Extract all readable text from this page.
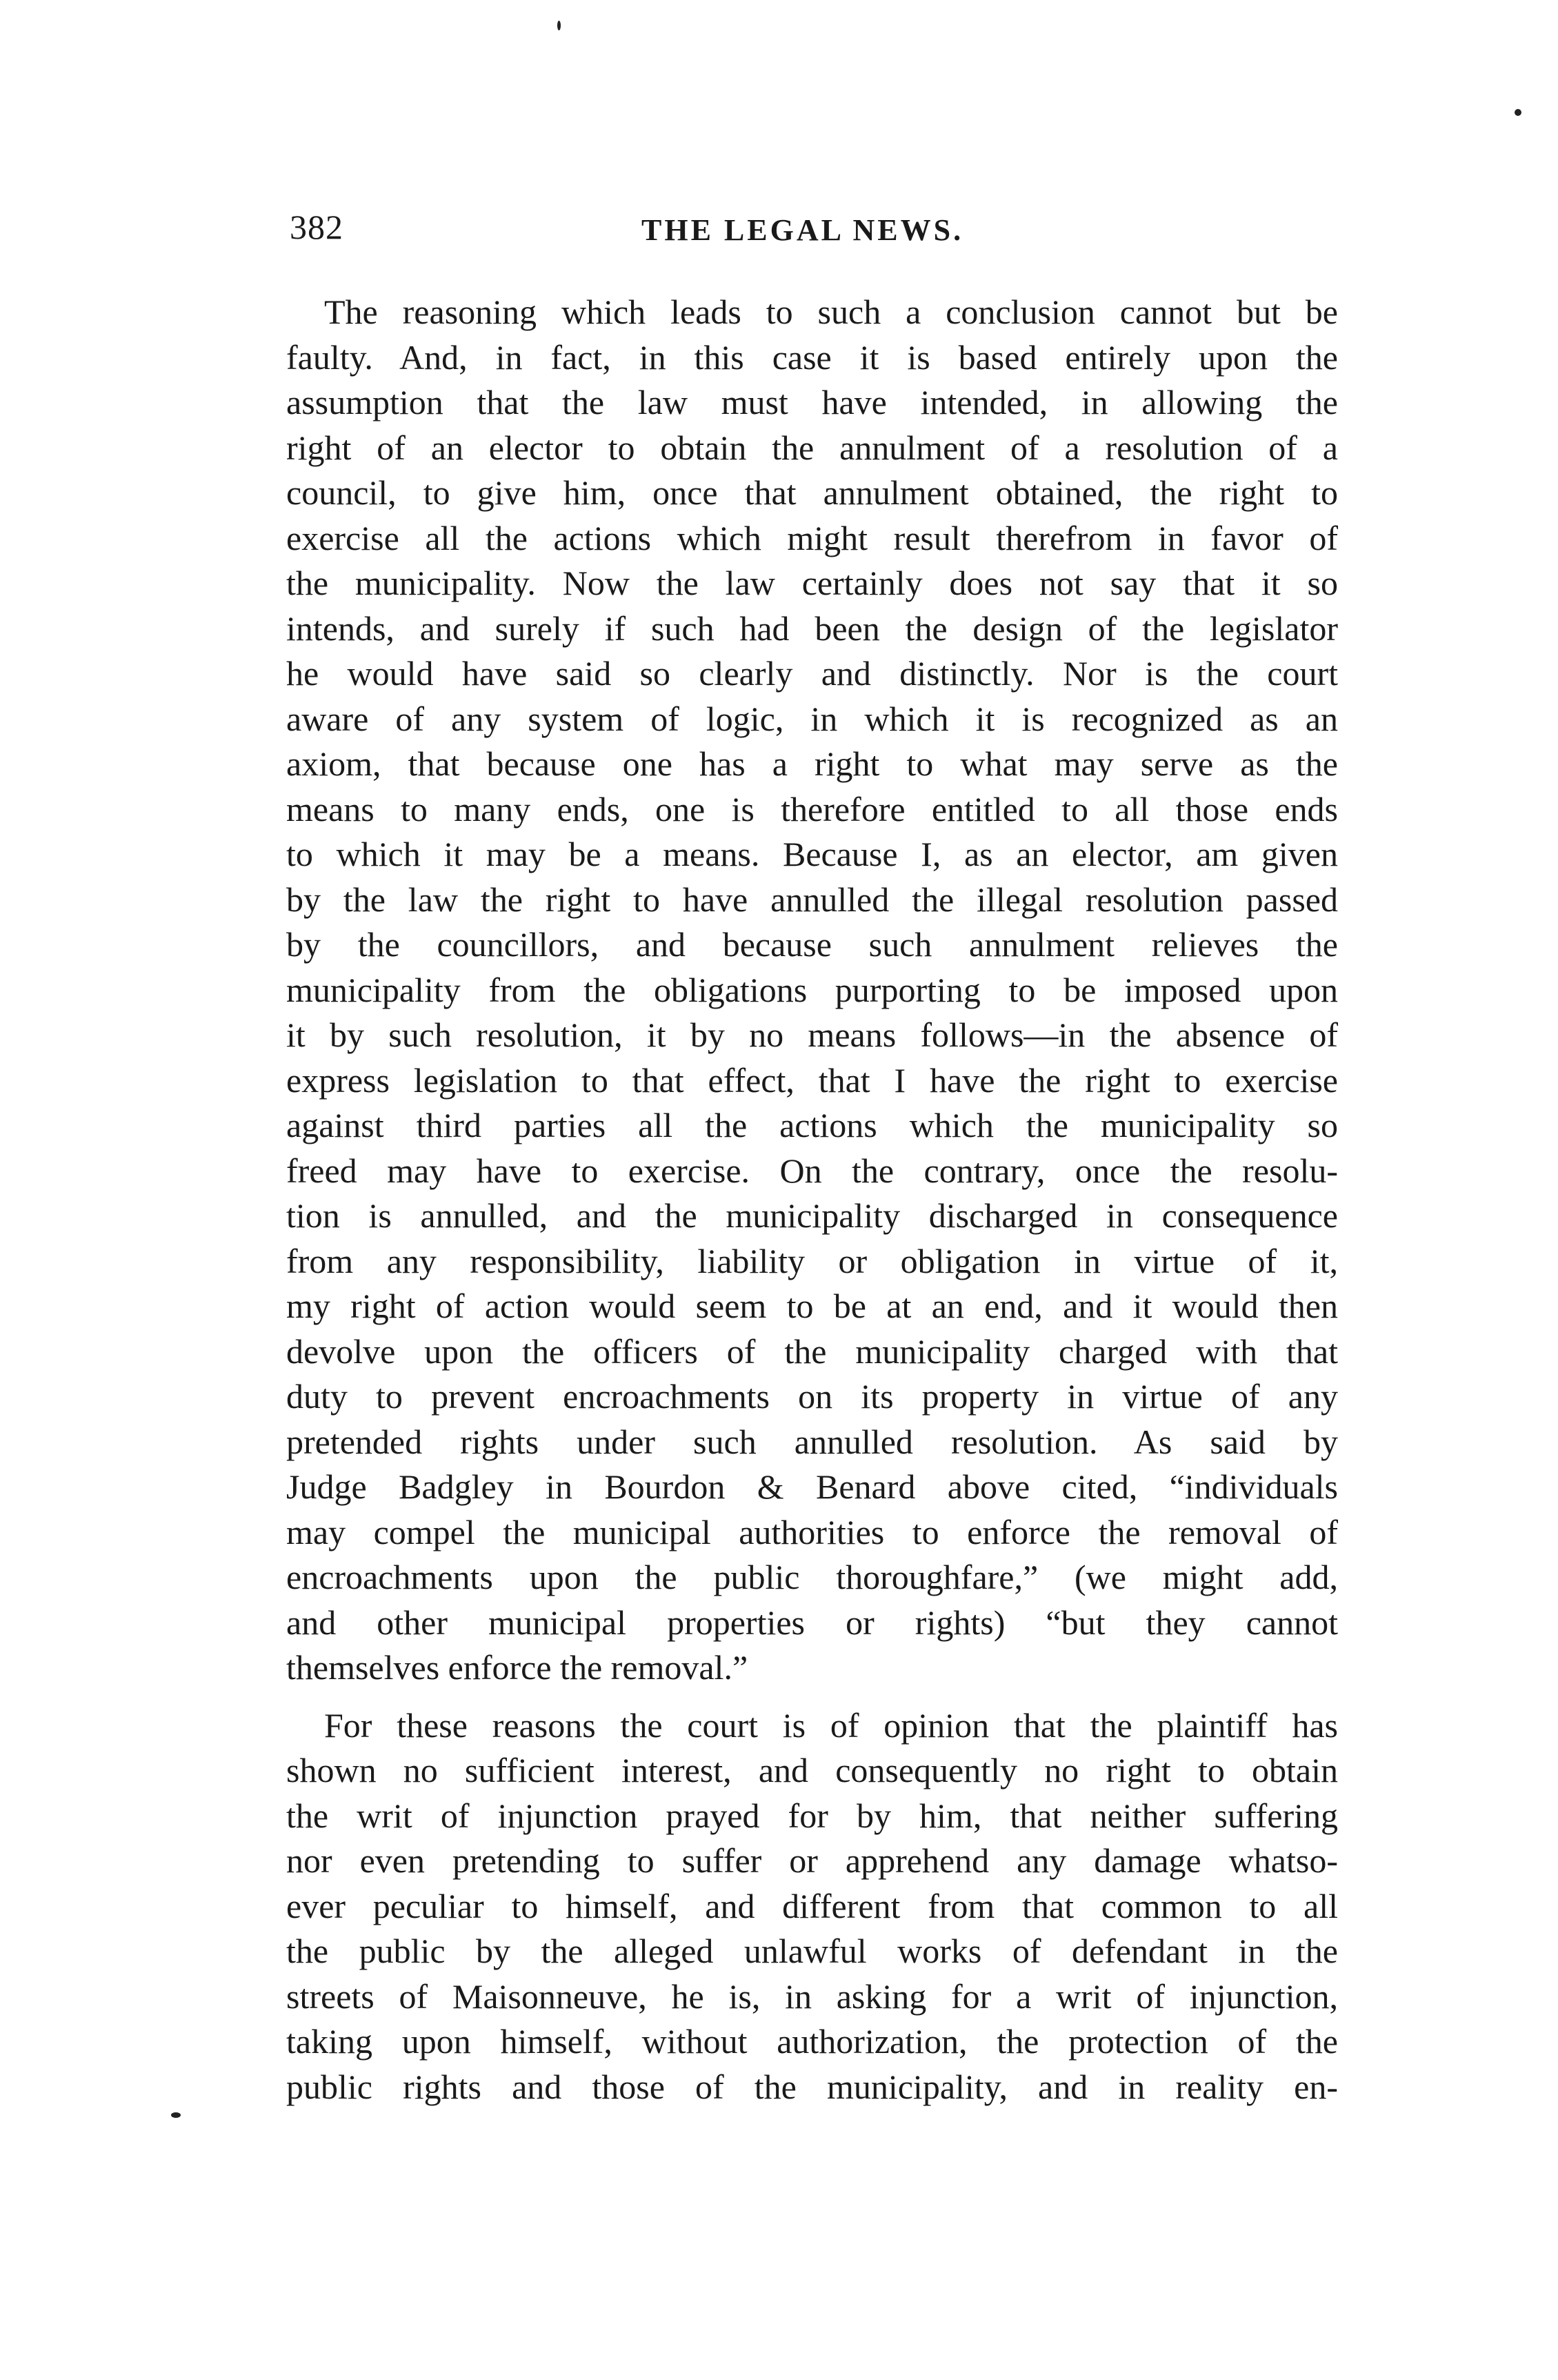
382	THE LEGAL NEWS.
The reasoning which leads to such a conclusion cannot but be
faulty. And, in fact, in this case it is based entirely upon the
assumption that the law must have intended, in allowing the
right of an elector to obtain the annulment of a resolution of a
council, to give him, once that annulment obtained, the right to
exercise all the actions which might result therefrom in favor of
the municipality. Now the law certainly does not say that it so
intends, and surely if such had been the design of the legislator
he would have said so clearly and distinctly. Nor is the court
aware of any system of logic, in which it is recognized as an
axiom, that because one has a right to what may serve as the
means to many ends, one is therefore entitled to all those ends
to which it may be a means. Because I, as an elector, am given
by the law the right to have annulled the illegal resolution passed
by the councillors, and because such annulment relieves the
municipality from the obligations purporting to be imposed upon
it by such resolution, it by no means follows—in the absence of
express legislation to that effect, that I have the right to exercise
against third parties all the actions which the municipality so
freed may have to exercise. On the contrary, once the resolu-
tion is annulled, and the municipality discharged in consequence
from any responsibility, liability or obligation in virtue of it,
my right of action would seem to be at an end, and it would then
devolve upon the officers of the municipality charged with that
duty to prevent encroachments on its property in virtue of any
pretended rights under such annulled resolution. As said by
Judge Badgley in Bourdon & Benard above cited, “individuals
may compel the municipal authorities to enforce the removal of
encroachments upon the public thoroughfare,” (we might add,
and other municipal properties or rights) “but they cannot
themselves enforce the removal.”
For these reasons the court is of opinion that the plaintiff has
shown no sufficient interest, and consequently no right to obtain
the writ of injunction prayed for by him, that neither suffering
nor even pretending to suffer or apprehend any damage whatso-
ever peculiar to himself, and different from that common to all
the public by the alleged unlawful works of defendant in the
streets of Maisonneuve, he is, in asking for a writ of injunction,
taking upon himself, without authorization, the protection of the
public rights and those of the municipality, and in reality en-
